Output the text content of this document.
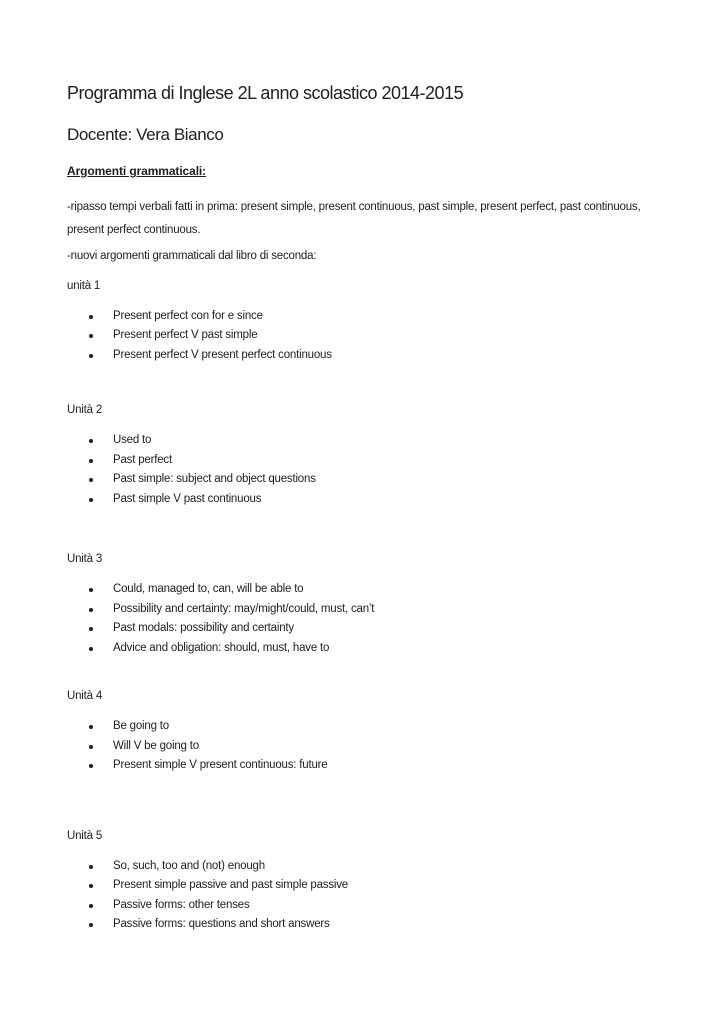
Programma di Inglese 2L anno scolastico 2014-2015
Docente: Vera Bianco

Argomenti grammaticali:

-ripasso tempi verbali fatti in prima: present simple, present continuous, past simple, present perfect, past continuous, present perfect continuous.

-nuovi argomenti grammaticali dal libro di seconda:

unità 1

Present perfect con for e since
Present perfect V past simple
Present perfect V present perfect continuous

Unità 2

Used to
Past perfect
Past simple: subject and object questions
Past simple V past continuous

Unità 3

Could, managed to, can, will be able to
Possibility and certainty: may/might/could, must, can’t
Past modals: possibility and certainty
Advice and obligation: should, must, have to

Unità 4

Be going to
Will V be going to
Present simple V present continuous: future

Unità 5

So, such, too and (not) enough
Present simple passive and past simple passive
Passive forms: other tenses
Passive forms: questions and short answers
